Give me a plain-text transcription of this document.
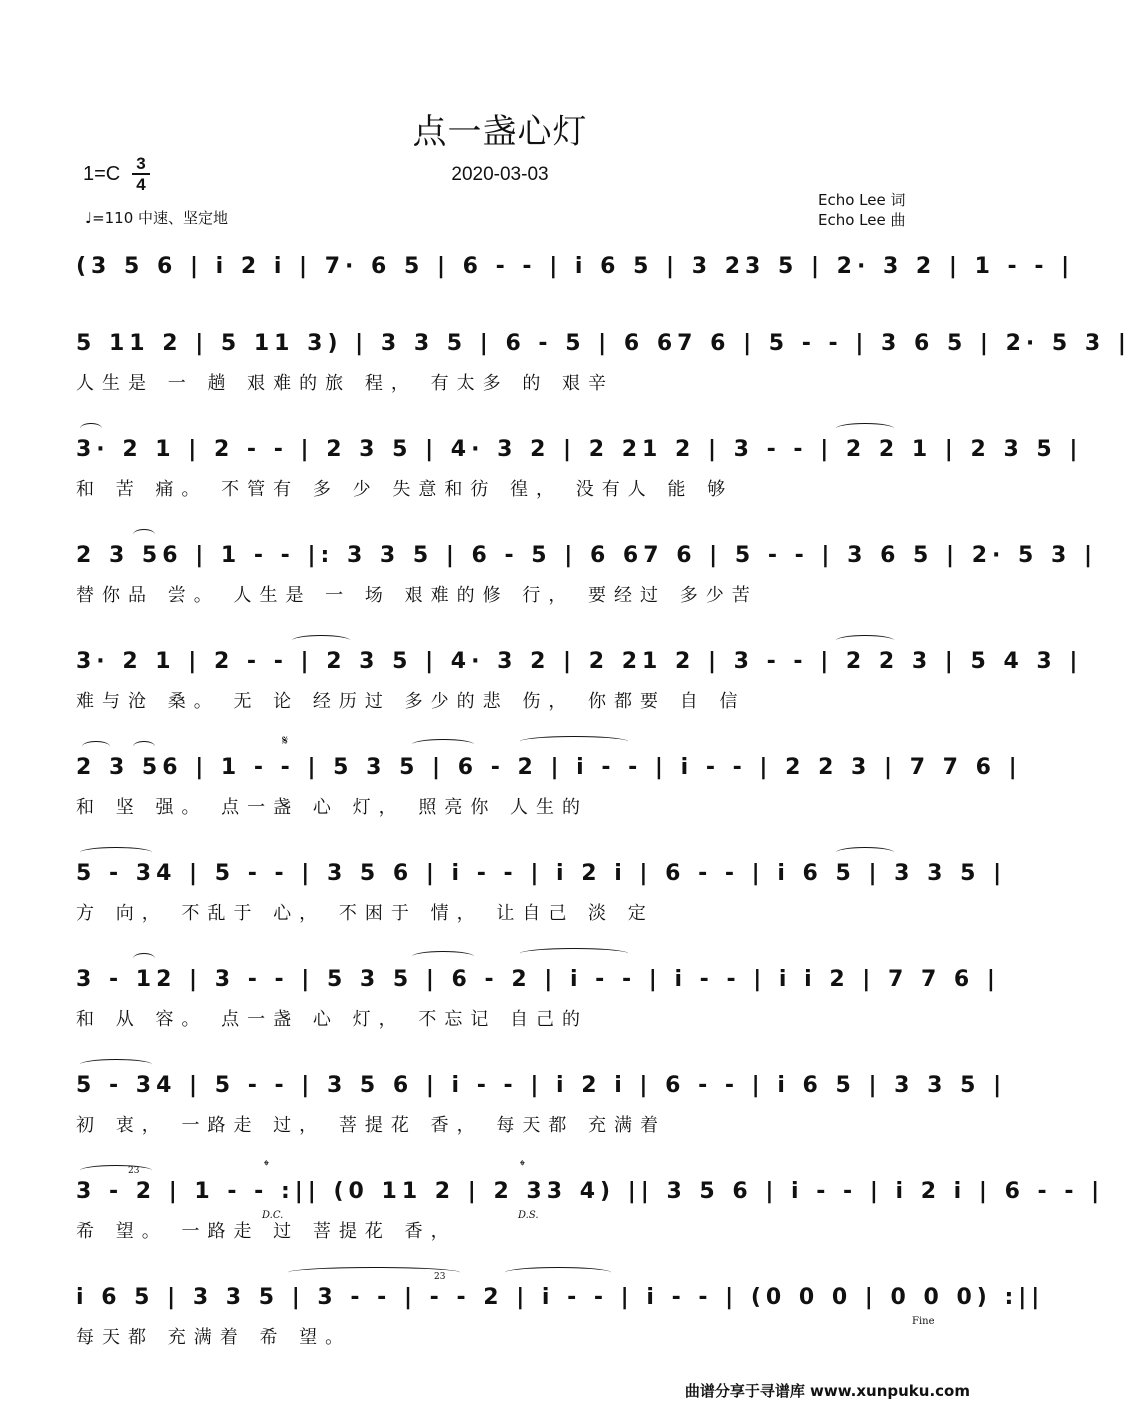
点一盏心灯
2020-03-03
1=C 3
4
♩=110 中速、坚定地
Echo Lee 词
Echo Lee 曲
(3 5 6 | i 2 i | 7· 6 5 | 6 - - | i 6 5 | 3 23 5 | 2· 3 2 | 1 - - |
5 11 2 | 5 11 3) | 3 3 5 | 6 - 5 | 6 67 6 | 5 - - | 3 6 5 | 2· 5 3 |
人生是 一 趟 艰难的旅 程， 有太多 的 艰辛
3· 2 1 | 2 - - | 2 3 5 | 4· 3 2 | 2 21 2 | 3 - - | 2 2 1 | 2 3 5 |
和 苦 痛。 不管有 多 少 失意和彷 徨， 没有人 能 够
2 3 56 | 1 - - |: 3 3 5 | 6 - 5 | 6 67 6 | 5 - - | 3 6 5 | 2· 5 3 |
替你品 尝。 人生是 一 场 艰难的修 行， 要经过 多少苦
3· 2 1 | 2 - - | 2 3 5 | 4· 3 2 | 2 21 2 | 3 - - | 2 2 3 | 5 4 3 |
难与沧 桑。 无 论 经历过 多少的悲 伤， 你都要 自 信
2 3 56 | 1 - - | 5 3 5 | 6 - 2 | i - - | i - - | 2 2 3 | 7 7 6 |
和 坚 强。 点一盏 心 灯， 照亮你 人生的
5 - 34 | 5 - - | 3 5 6 | i - - | i 2 i | 6 - - | i 6 5 | 3 3 5 |
方 向， 不乱于 心， 不困于 情， 让自己 淡 定
3 - 12 | 3 - - | 5 3 5 | 6 - 2 | i - - | i - - | i i 2 | 7 7 6 |
和 从 容。 点一盏 心 灯， 不忘记 自己的
5 - 34 | 5 - - | 3 5 6 | i - - | i 2 i | 6 - - | i 6 5 | 3 3 5 |
初 衷， 一路走 过， 菩提花 香， 每天都 充满着
3 - 2 | 1 - - :|| (0 11 2 | 2 33 4) || 3 5 6 | i - - | i 2 i | 6 - - |
希 望。 一路走 过 菩提花 香，
i 6 5 | 3 3 5 | 3 - - | - - 2 | i - - | i - - | (0 0 0 | 0 0 0) :||
每天都 充满着 希 望。
𝄋
𝄌
D.C.
𝄌
D.S.
23
23
Fine
曲谱分享于寻谱库 www.xunpuku.com
